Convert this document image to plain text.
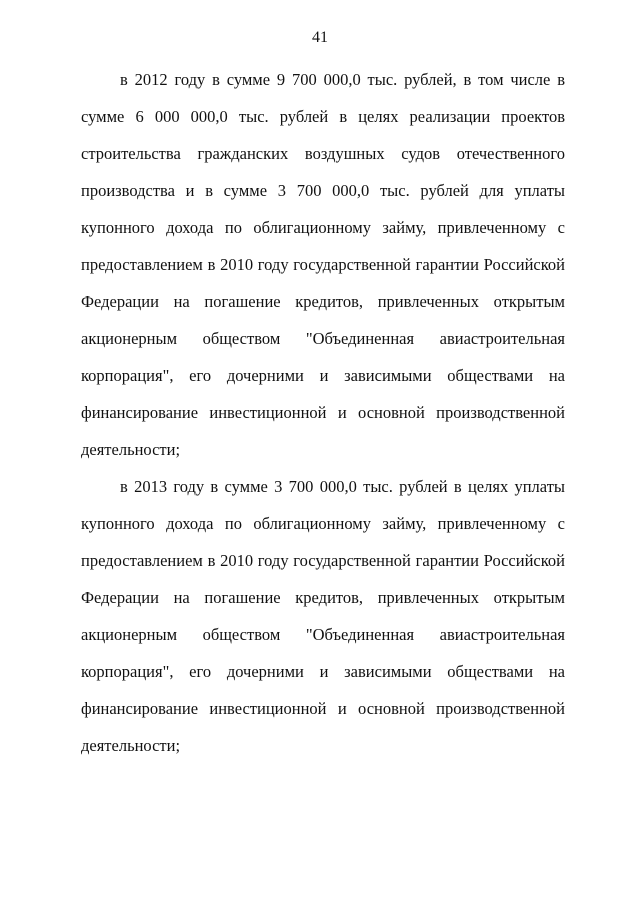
41
в 2012 году в сумме 9 700 000,0 тыс. рублей, в том числе в
сумме 6 000 000,0 тыс. рублей в целях реализации проектов
строительства гражданских воздушных судов отечественного
производства и в сумме 3 700 000,0 тыс. рублей для уплаты
купонного дохода по облигационному займу, привлеченному с
предоставлением в 2010 году государственной гарантии Российской
Федерации на погашение кредитов, привлеченных открытым
акционерным обществом "Объединенная авиастроительная
корпорация", его дочерними и зависимыми обществами на
финансирование инвестиционной и основной производственной
деятельности;
в 2013 году в сумме 3 700 000,0 тыс. рублей в целях уплаты
купонного дохода по облигационному займу, привлеченному с
предоставлением в 2010 году государственной гарантии Российской
Федерации на погашение кредитов, привлеченных открытым
акционерным обществом "Объединенная авиастроительная
корпорация", его дочерними и зависимыми обществами на
финансирование инвестиционной и основной производственной
деятельности;
